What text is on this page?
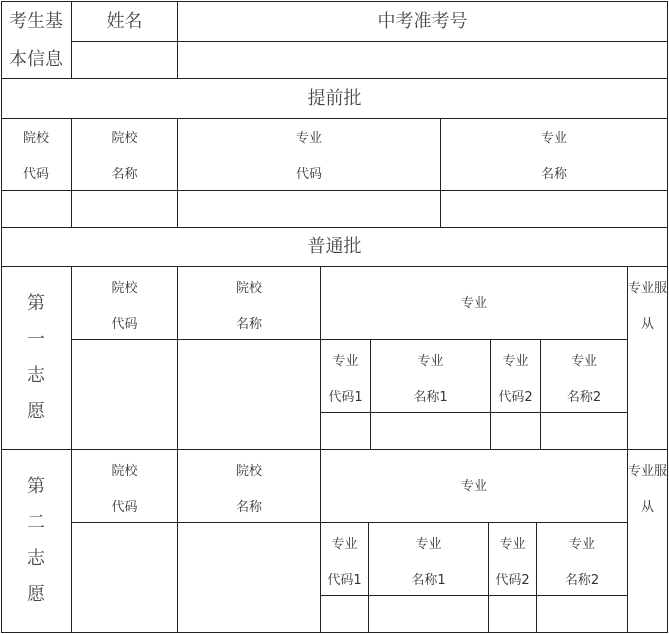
考生基
本信息
姓名	中考准考号
提前批
院校
代码
院校
名称
专业
代码
专业
名称
普通批
第
一
志
愿
院校
代码
院校
名称
专业
专业服
从
专业
代码1
专业
名称1
专业
代码2
专业
名称2
第
二
志
愿
院校
代码
院校
名称
专业
专业服
从
专业
代码1
专业
名称1
专业
代码2
专业
名称2
